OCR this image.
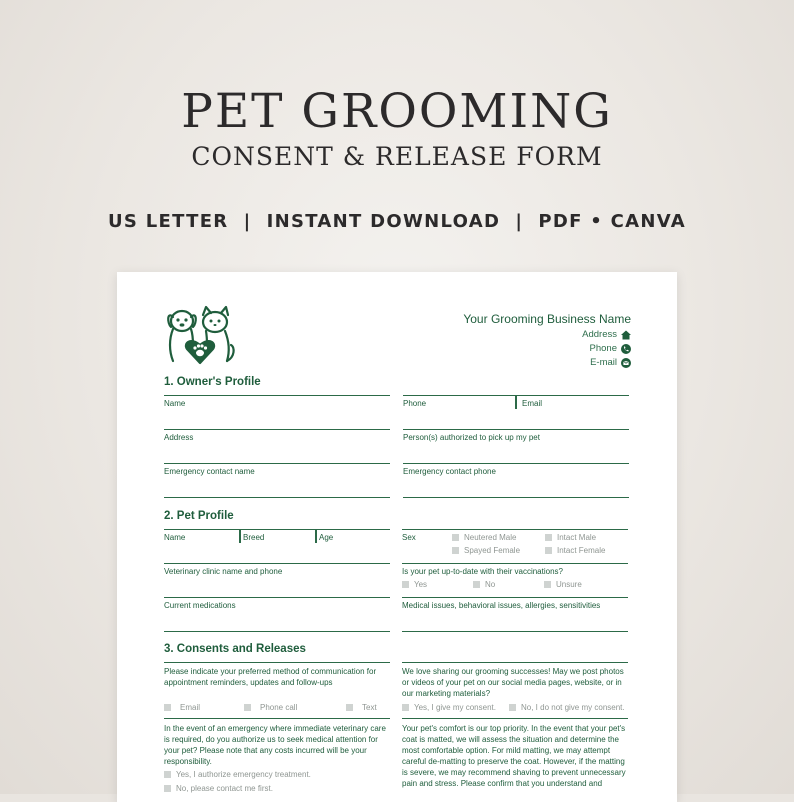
PET GROOMING
CONSENT & RELEASE FORM
US LETTER  |  INSTANT DOWNLOAD  |  PDF • CANVA
Your Grooming Business Name
Address
Phone
E-mail
1. Owner's Profile
Name	Phone	Email
Address	Person(s) authorized to pick up my pet
Emergency contact name	Emergency contact phone
2. Pet Profile
Name	Breed	Age	Sex	Neutered Male	Intact Male
Spayed Female	Intact Female
Veterinary clinic name and phone	Is your pet up-to-date with their vaccinations?
Yes	No	Unsure
Current medications	Medical issues, behavioral issues, allergies, sensitivities
3. Consents and Releases
Please indicate your preferred method of communication for appointment reminders, updates and follow-ups
Email	Phone call	Text
We love sharing our grooming successes! May we post photos or videos of your pet on our social media pages, website, or in our marketing materials?
Yes, I give my consent.	No, I do not give my consent.
In the event of an emergency where immediate veterinary care is required, do you authorize us to seek medical attention for your pet? Please note that any costs incurred will be your responsibility.
Yes, I authorize emergency treatment.
No, please contact me first.
Your pet's comfort is our top priority. In the event that your pet's coat is matted, we will assess the situation and determine the most comfortable option. For mild matting, we may attempt careful de-matting to preserve the coat. However, if the matting is severe, we may recommend shaving to prevent unnecessary pain and stress. Please confirm that you understand and
